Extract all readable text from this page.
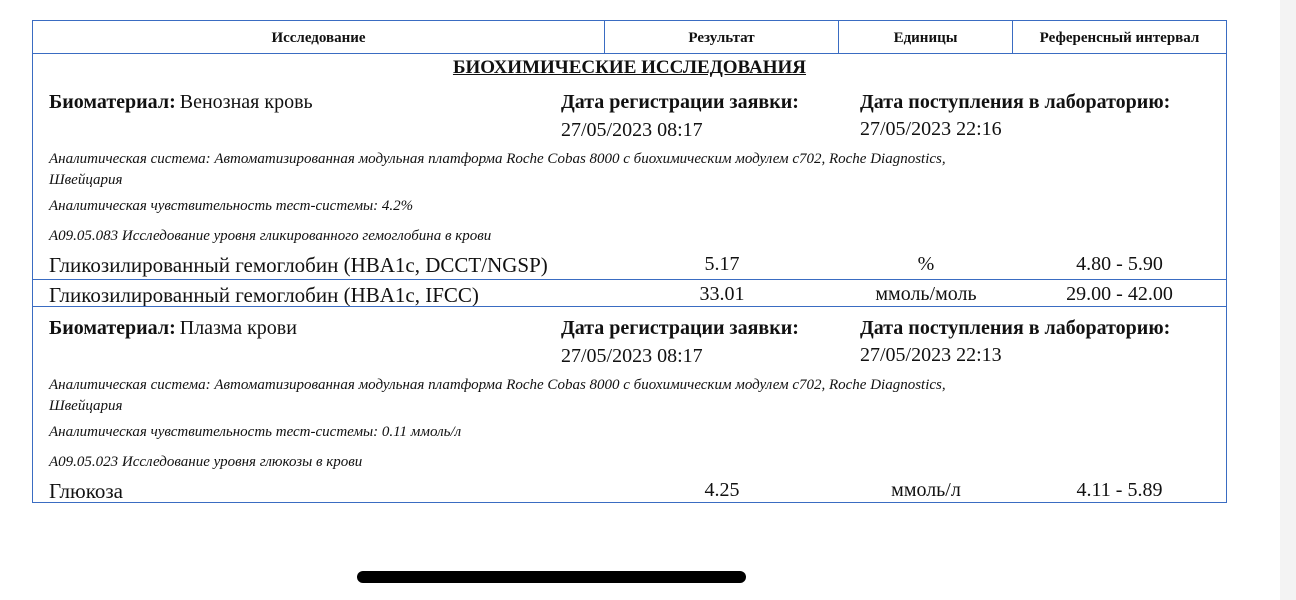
Исследование	Результат	Единицы	Референсный интервал
БИОХИМИЧЕСКИЕ ИССЛЕДОВАНИЯ
Биоматериал: Венозная кровь	Дата регистрации заявки:
27/05/2023 08:17
Дата поступления в лабораторию:
27/05/2023 22:16
Аналитическая система: Автоматизированная модульная платформа Roche Cobas 8000 с биохимическим модулем c702, Roche Diagnostics,
Швейцария
Аналитическая чувствительность тест-системы: 4.2%
A09.05.083 Исследование уровня гликированного гемоглобина в крови
Гликозилированный гемоглобин (HBA1c, DCCT/NGSP)	5.17	%	4.80 - 5.90
Гликозилированный гемоглобин (HBA1c, IFCC)	33.01	ммоль/моль	29.00 - 42.00
Биоматериал: Плазма крови	Дата регистрации заявки:
27/05/2023 08:17
Дата поступления в лабораторию:
27/05/2023 22:13
Аналитическая система: Автоматизированная модульная платформа Roche Cobas 8000 с биохимическим модулем c702, Roche Diagnostics,
Швейцария
Аналитическая чувствительность тест-системы: 0.11 ммоль/л
A09.05.023 Исследование уровня глюкозы в крови
Глюкоза	4.25	ммоль/л	4.11 - 5.89
